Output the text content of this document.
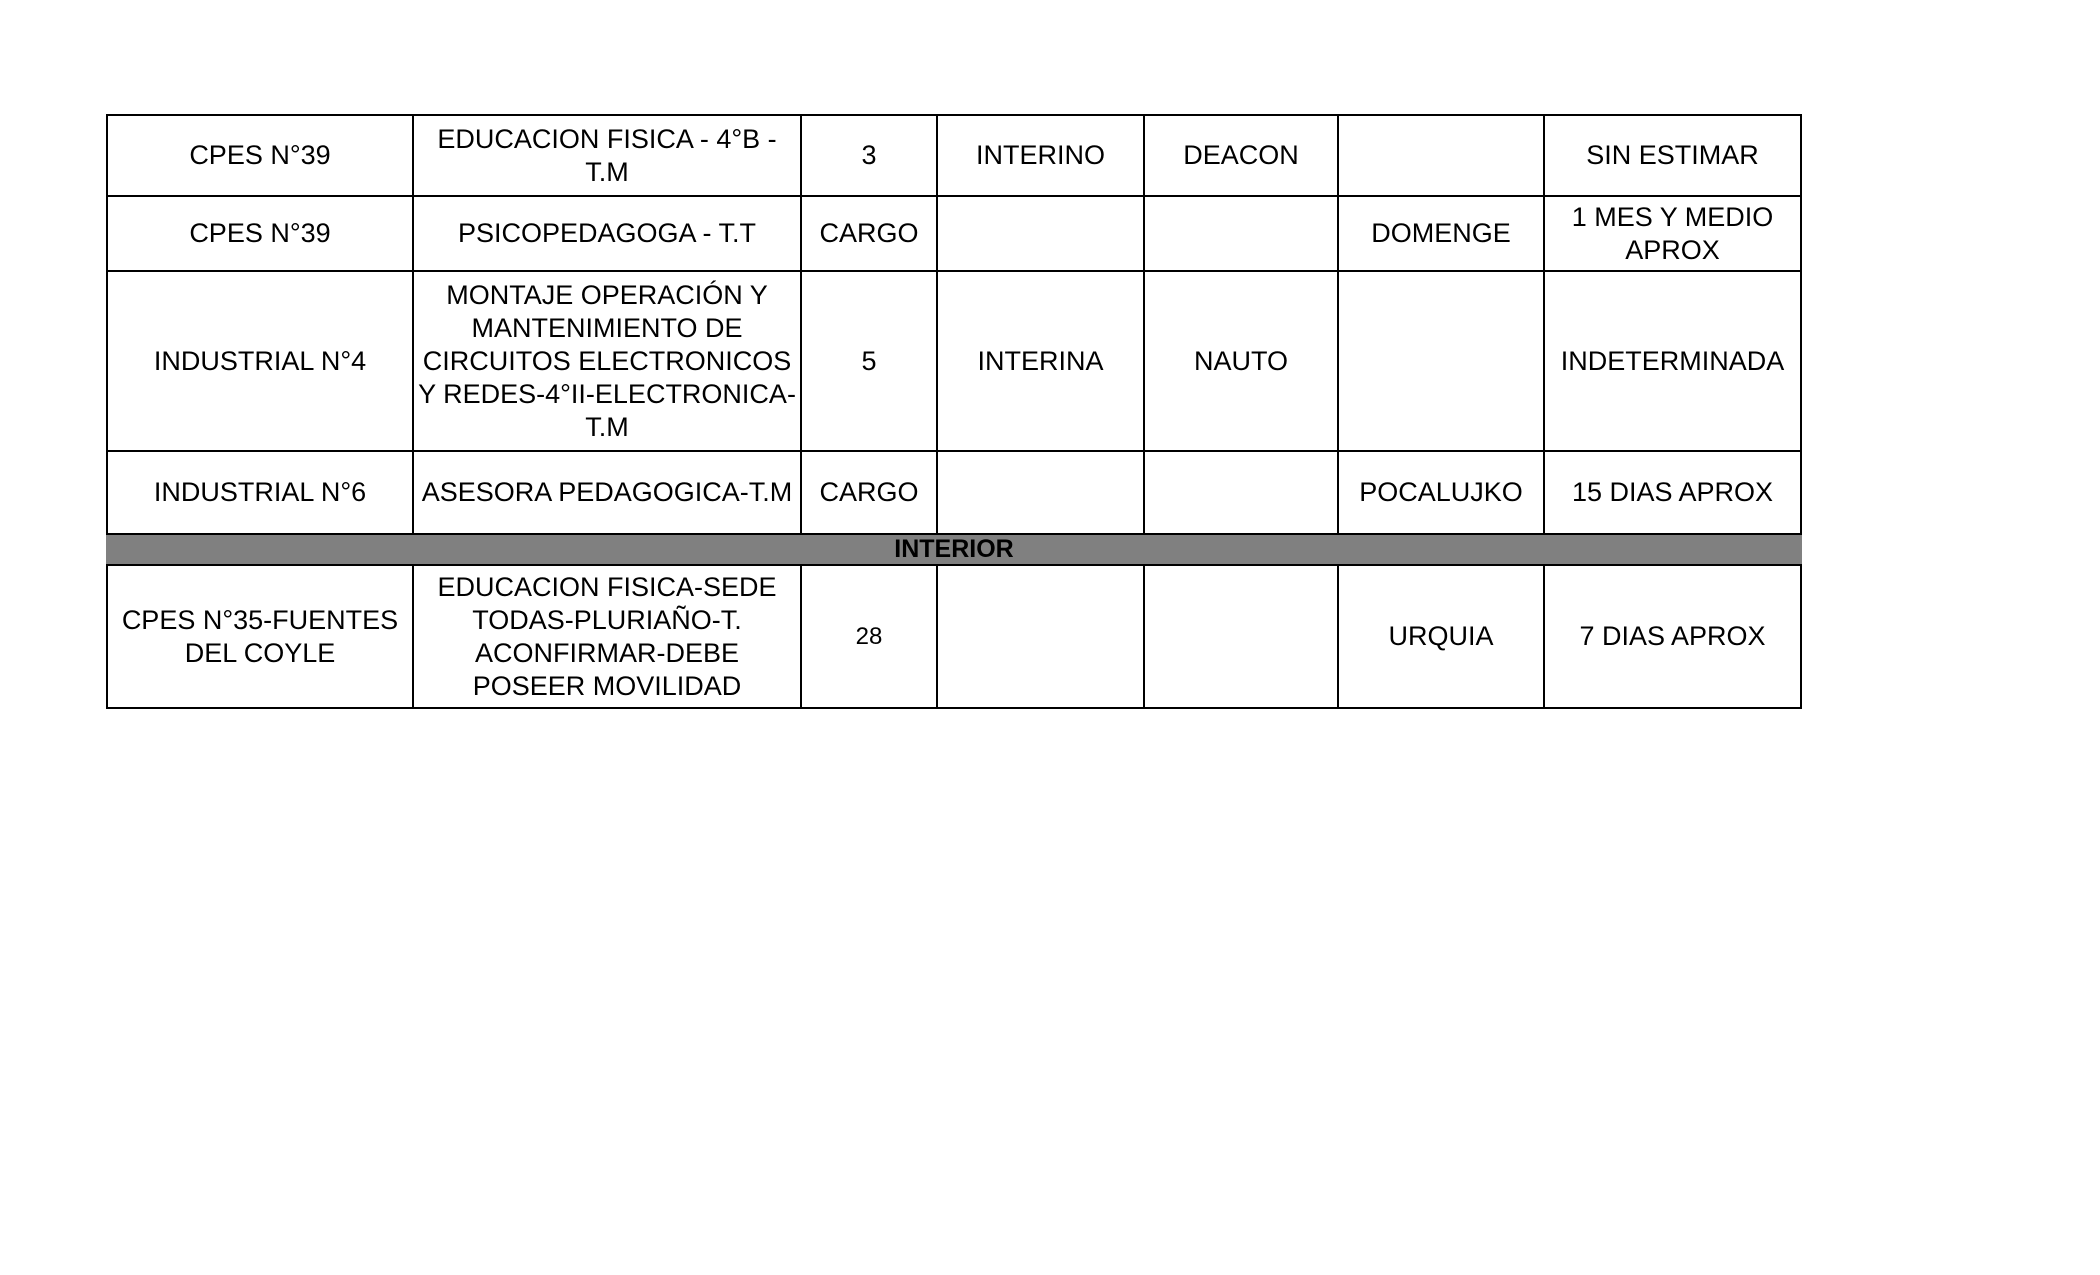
CPES N°39	EDUCACION FISICA - 4°B - T.M	3	INTERINO	DEACON		SIN ESTIMAR
CPES N°39	PSICOPEDAGOGA - T.T	CARGO			DOMENGE	1 MES Y MEDIO APROX
INDUSTRIAL N°4	MONTAJE OPERACIÓN Y MANTENIMIENTO DE CIRCUITOS ELECTRONICOS Y REDES-4°II-ELECTRONICA-T.M	5	INTERINA	NAUTO		INDETERMINADA
INDUSTRIAL N°6	ASESORA PEDAGOGICA-T.M	CARGO			POCALUJKO	15 DIAS APROX
INTERIOR						
CPES N°35-FUENTES DEL COYLE	EDUCACION FISICA-SEDE TODAS-PLURIAÑO-T. ACONFIRMAR-DEBE POSEER MOVILIDAD	28			URQUIA	7 DIAS APROX
